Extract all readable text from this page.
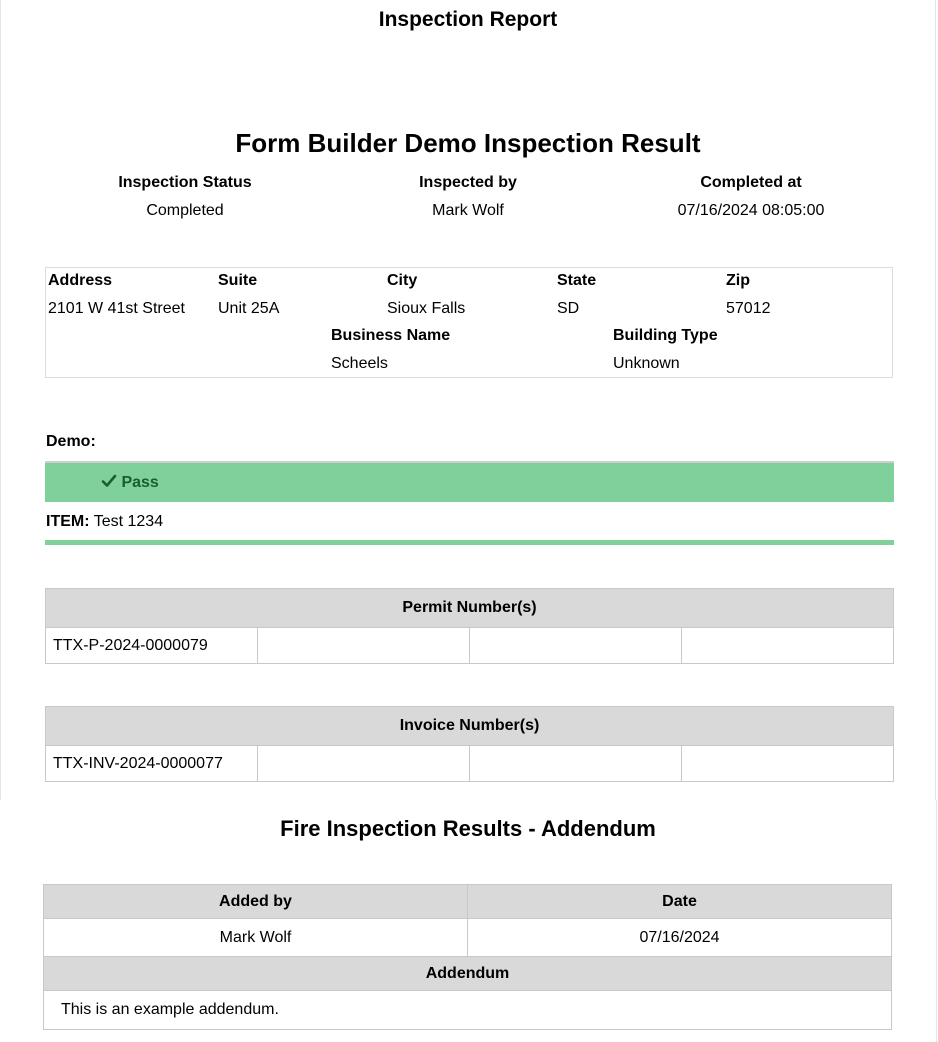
Inspection Report
Form Builder Demo Inspection Result
Inspection Status
Completed
Inspected by
Mark Wolf
Completed at
07/16/2024 08:05:00
Address
2101 W 41st Street
Suite
Unit 25A
City
Sioux Falls
State
SD
Zip
57012
Business Name
Scheels
Building Type
Unknown
Demo:
Pass
ITEM: Test 1234
Permit Number(s)
TTX-P-2024-0000079			
Invoice Number(s)
TTX-INV-2024-0000077			
Fire Inspection Results - Addendum
Added by	Date
Mark Wolf	07/16/2024
Addendum	
This is an example addendum.	
